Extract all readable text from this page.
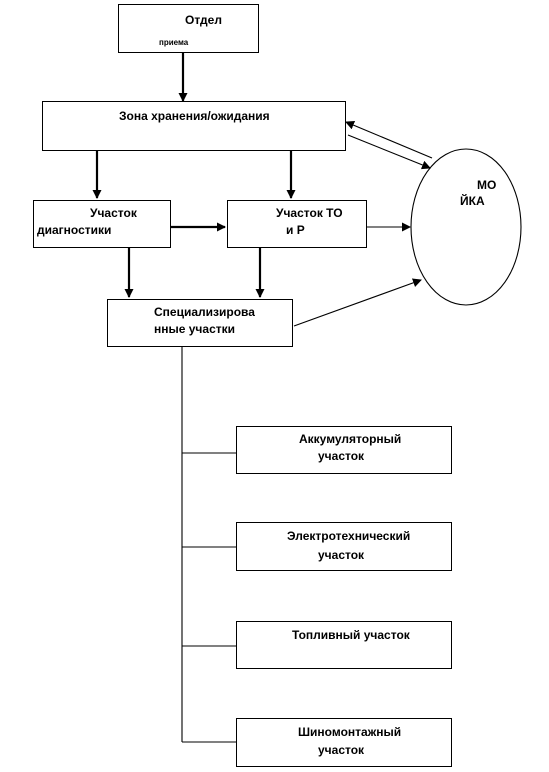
Отдел
приема
Зона хранения/ожидания
Участок
диагностики
Участок ТО
и Р
Специализирова
нные участки
МО
ЙКА
Аккумуляторный
участок
Электротехнический
участок
Топливный участок
Шиномонтажный
участок
